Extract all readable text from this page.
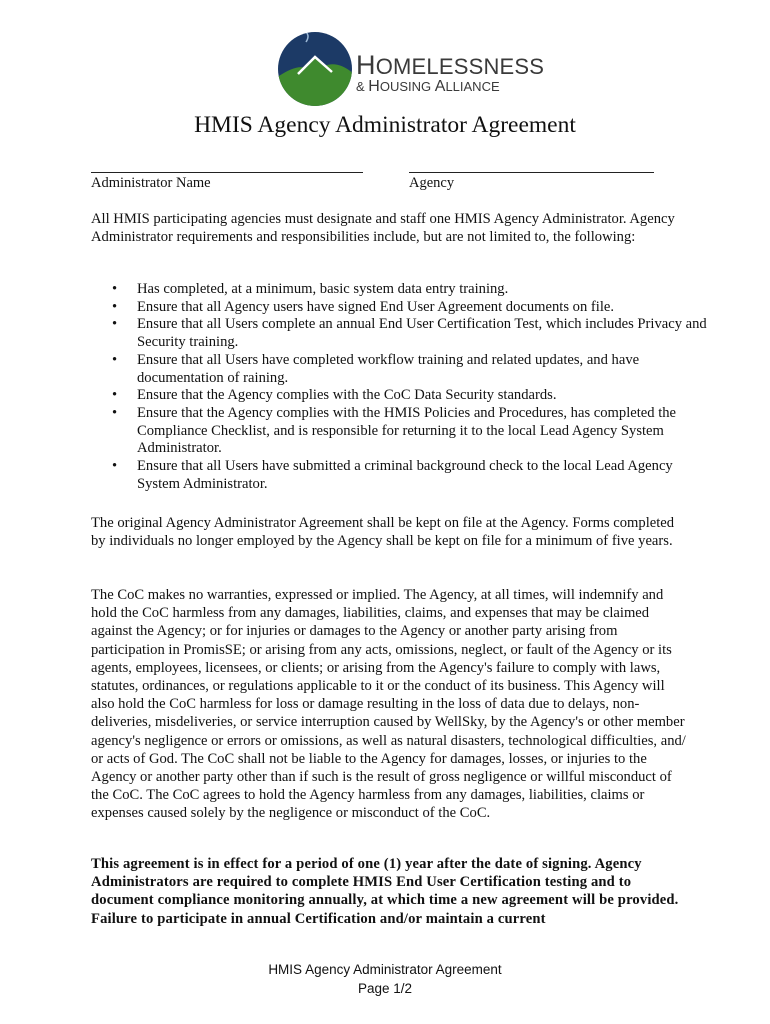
HOMELESSNESS
& HOUSING ALLIANCE
HMIS Agency Administrator Agreement
Administrator Name	Agency

All HMIS participating agencies must designate and staff one HMIS Agency Administrator. Agency Administrator requirements and responsibilities include, but are not limited to, the following:

• Has completed, at a minimum, basic system data entry training.
• Ensure that all Agency users have signed End User Agreement documents on file.
• Ensure that all Users complete an annual End User Certification Test, which includes Privacy and Security training.
• Ensure that all Users have completed workflow training and related updates, and have documentation of raining.
• Ensure that the Agency complies with the CoC Data Security standards.
• Ensure that the Agency complies with the HMIS Policies and Procedures, has completed the Compliance Checklist, and is responsible for returning it to the local Lead Agency System Administrator.
• Ensure that all Users have submitted a criminal background check to the local Lead Agency System Administrator.

The original Agency Administrator Agreement shall be kept on file at the Agency. Forms completed by individuals no longer employed by the Agency shall be kept on file for a minimum of five years.

The CoC makes no warranties, expressed or implied. The Agency, at all times, will indemnify and hold the CoC harmless from any damages, liabilities, claims, and expenses that may be claimed against the Agency; or for injuries or damages to the Agency or another party arising from participation in PromisSE; or arising from any acts, omissions, neglect, or fault of the Agency or its agents, employees, licensees, or clients; or arising from the Agency's failure to comply with laws, statutes, ordinances, or regulations applicable to it or the conduct of its business. This Agency will also hold the CoC harmless for loss or damage resulting in the loss of data due to delays, non-deliveries, misdeliveries, or service interruption caused by WellSky, by the Agency's or other member agency's negligence or errors or omissions, as well as natural disasters, technological difficulties, and/ or acts of God. The CoC shall not be liable to the Agency for damages, losses, or injuries to the Agency or another party other than if such is the result of gross negligence or willful misconduct of the CoC. The CoC agrees to hold the Agency harmless from any damages, liabilities, claims or expenses caused solely by the negligence or misconduct of the CoC.

This agreement is in effect for a period of one (1) year after the date of signing. Agency Administrators are required to complete HMIS End User Certification testing and to document compliance monitoring annually, at which time a new agreement will be provided. Failure to participate in annual Certification and/or maintain a current

HMIS Agency Administrator Agreement
Page 1/2
